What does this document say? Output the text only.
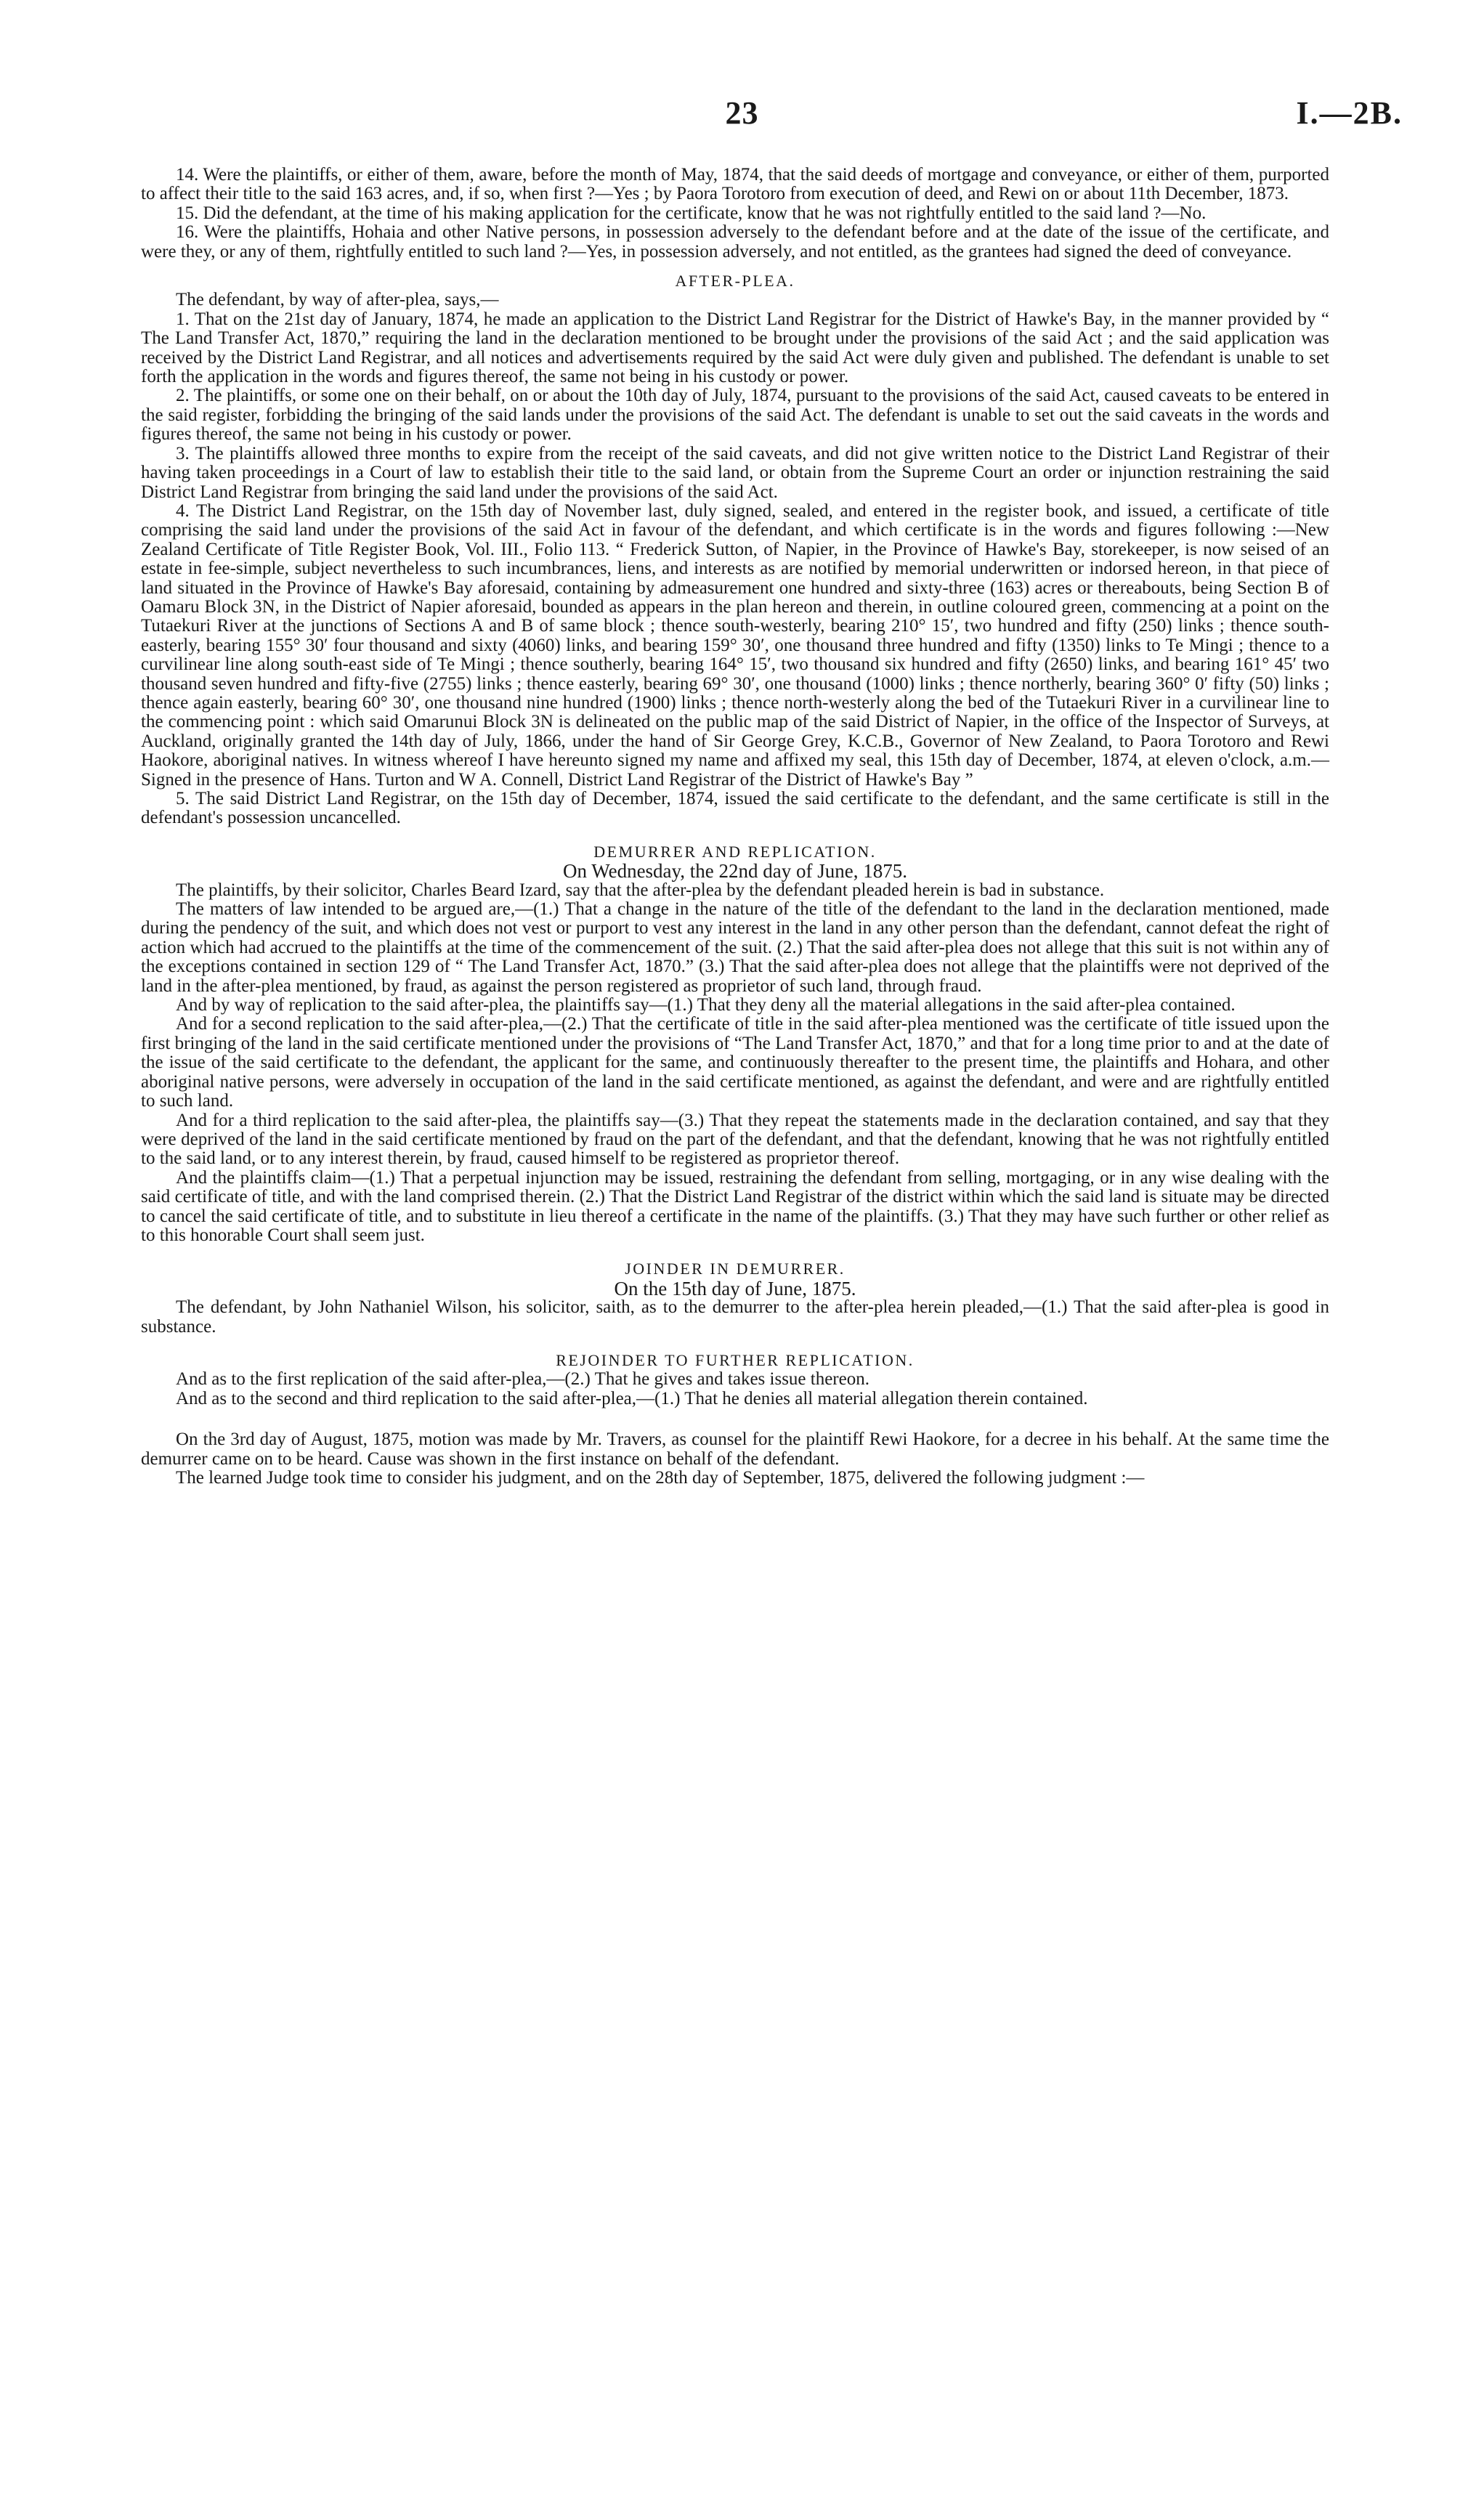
23	I.—2B.

14. Were the plaintiffs, or either of them, aware, before the month of May, 1874, that the said deeds of mortgage and conveyance, or either of them, purported to affect their title to the said 163 acres, and, if so, when first ?—Yes ; by Paora Torotoro from execution of deed, and Rewi on or about 11th December, 1873.

15. Did the defendant, at the time of his making application for the certificate, know that he was not rightfully entitled to the said land ?—No.

16. Were the plaintiffs, Hohaia and other Native persons, in possession adversely to the defendant before and at the date of the issue of the certificate, and were they, or any of them, rightfully entitled to such land ?—Yes, in possession adversely, and not entitled, as the grantees had signed the deed of conveyance.

AFTER-PLEA.

The defendant, by way of after-plea, says,—

1. That on the 21st day of January, 1874, he made an application to the District Land Registrar for the District of Hawke's Bay, in the manner provided by “ The Land Transfer Act, 1870,” requiring the land in the declaration mentioned to be brought under the provisions of the said Act ; and the said application was received by the District Land Registrar, and all notices and advertisements required by the said Act were duly given and published. The defendant is unable to set forth the application in the words and figures thereof, the same not being in his custody or power.

2. The plaintiffs, or some one on their behalf, on or about the 10th day of July, 1874, pursuant to the provisions of the said Act, caused caveats to be entered in the said register, forbidding the bringing of the said lands under the provisions of the said Act. The defendant is unable to set out the said caveats in the words and figures thereof, the same not being in his custody or power.

3. The plaintiffs allowed three months to expire from the receipt of the said caveats, and did not give written notice to the District Land Registrar of their having taken proceedings in a Court of law to establish their title to the said land, or obtain from the Supreme Court an order or injunction restraining the said District Land Registrar from bringing the said land under the provisions of the said Act.

4. The District Land Registrar, on the 15th day of November last, duly signed, sealed, and entered in the register book, and issued, a certificate of title comprising the said land under the provisions of the said Act in favour of the defendant, and which certificate is in the words and figures following :—New Zealand Certificate of Title Register Book, Vol. III., Folio 113. “ Frederick Sutton, of Napier, in the Province of Hawke's Bay, storekeeper, is now seised of an estate in fee-simple, subject nevertheless to such incumbrances, liens, and interests as are notified by memorial underwritten or indorsed hereon, in that piece of land situated in the Province of Hawke's Bay aforesaid, containing by admeasurement one hundred and sixty-three (163) acres or thereabouts, being Section B of Oamaru Block 3N, in the District of Napier aforesaid, bounded as appears in the plan hereon and therein, in outline coloured green, commencing at a point on the Tutaekuri River at the junctions of Sections A and B of same block ; thence south-westerly, bearing 210° 15′, two hundred and fifty (250) links ; thence south-easterly, bearing 155° 30′ four thousand and sixty (4060) links, and bearing 159° 30′, one thousand three hundred and fifty (1350) links to Te Mingi ; thence to a curvilinear line along south-east side of Te Mingi ; thence southerly, bearing 164° 15′, two thousand six hundred and fifty (2650) links, and bearing 161° 45′ two thousand seven hundred and fifty-five (2755) links ; thence easterly, bearing 69° 30′, one thousand (1000) links ; thence northerly, bearing 360° 0′ fifty (50) links ; thence again easterly, bearing 60° 30′, one thousand nine hundred (1900) links ; thence north-westerly along the bed of the Tutaekuri River in a curvilinear line to the commencing point : which said Omarunui Block 3N is delineated on the public map of the said District of Napier, in the office of the Inspector of Surveys, at Auckland, originally granted the 14th day of July, 1866, under the hand of Sir George Grey, K.C.B., Governor of New Zealand, to Paora Torotoro and Rewi Haokore, aboriginal natives. In witness whereof I have hereunto signed my name and affixed my seal, this 15th day of December, 1874, at eleven o'clock, a.m.—Signed in the presence of Hans. Turton and W A. Connell, District Land Registrar of the District of Hawke's Bay ”

5. The said District Land Registrar, on the 15th day of December, 1874, issued the said certificate to the defendant, and the same certificate is still in the defendant's possession uncancelled.

DEMURRER AND REPLICATION.

On Wednesday, the 22nd day of June, 1875.

The plaintiffs, by their solicitor, Charles Beard Izard, say that the after-plea by the defendant pleaded herein is bad in substance.

The matters of law intended to be argued are,—(1.) That a change in the nature of the title of the defendant to the land in the declaration mentioned, made during the pendency of the suit, and which does not vest or purport to vest any interest in the land in any other person than the defendant, cannot defeat the right of action which had accrued to the plaintiffs at the time of the commencement of the suit. (2.) That the said after-plea does not allege that this suit is not within any of the exceptions contained in section 129 of “ The Land Transfer Act, 1870.” (3.) That the said after-plea does not allege that the plaintiffs were not deprived of the land in the after-plea mentioned, by fraud, as against the person registered as proprietor of such land, through fraud.

And by way of replication to the said after-plea, the plaintiffs say—(1.) That they deny all the material allegations in the said after-plea contained.

And for a second replication to the said after-plea,—(2.) That the certificate of title in the said after-plea mentioned was the certificate of title issued upon the first bringing of the land in the said certificate mentioned under the provisions of “The Land Transfer Act, 1870,” and that for a long time prior to and at the date of the issue of the said certificate to the defendant, the applicant for the same, and continuously thereafter to the present time, the plaintiffs and Hohara, and other aboriginal native persons, were adversely in occupation of the land in the said certificate mentioned, as against the defendant, and were and are rightfully entitled to such land.

And for a third replication to the said after-plea, the plaintiffs say—(3.) That they repeat the statements made in the declaration contained, and say that they were deprived of the land in the said certificate mentioned by fraud on the part of the defendant, and that the defendant, knowing that he was not rightfully entitled to the said land, or to any interest therein, by fraud, caused himself to be registered as proprietor thereof.

And the plaintiffs claim—(1.) That a perpetual injunction may be issued, restraining the defendant from selling, mortgaging, or in any wise dealing with the said certificate of title, and with the land comprised therein. (2.) That the District Land Registrar of the district within which the said land is situate may be directed to cancel the said certificate of title, and to substitute in lieu thereof a certificate in the name of the plaintiffs. (3.) That they may have such further or other relief as to this honorable Court shall seem just.

JOINDER IN DEMURRER.

On the 15th day of June, 1875.

The defendant, by John Nathaniel Wilson, his solicitor, saith, as to the demurrer to the after-plea herein pleaded,—(1.) That the said after-plea is good in substance.

REJOINDER TO FURTHER REPLICATION.

And as to the first replication of the said after-plea,—(2.) That he gives and takes issue thereon.

And as to the second and third replication to the said after-plea,—(1.) That he denies all material allegation therein contained.

On the 3rd day of August, 1875, motion was made by Mr. Travers, as counsel for the plaintiff Rewi Haokore, for a decree in his behalf. At the same time the demurrer came on to be heard. Cause was shown in the first instance on behalf of the defendant.

The learned Judge took time to consider his judgment, and on the 28th day of September, 1875, delivered the following judgment :—
